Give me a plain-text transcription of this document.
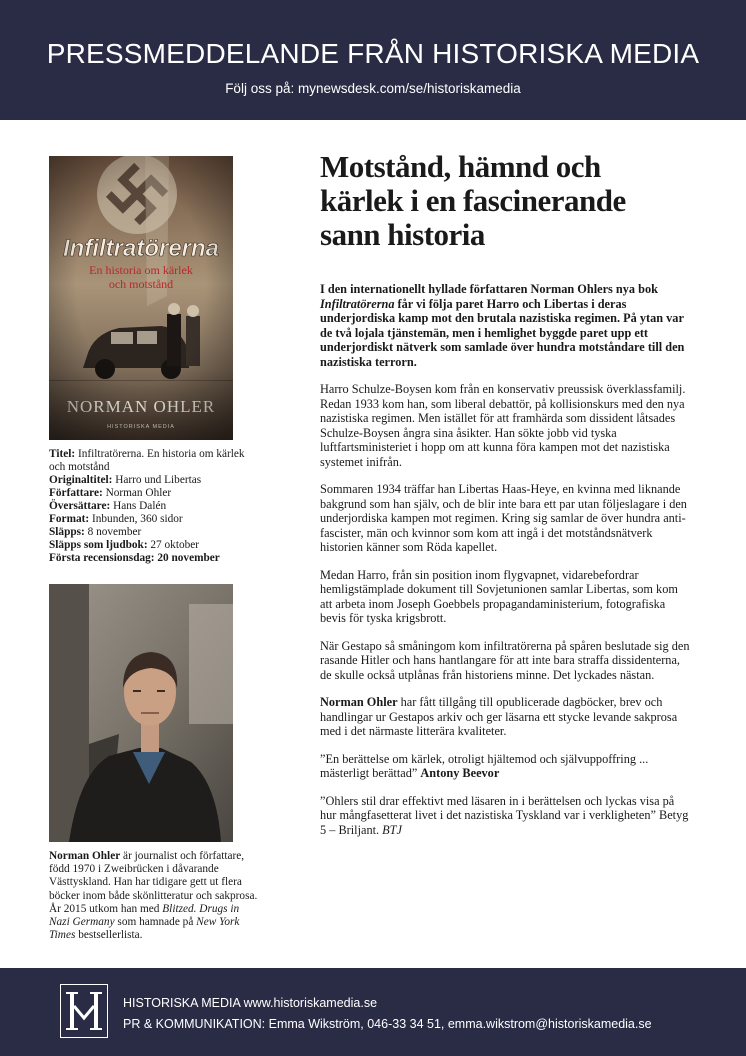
PRESSMEDDELANDE FRÅN HISTORISKA MEDIA
Följ oss på: mynewsdesk.com/se/historiskamedia
Titel: Infiltratörerna. En historia om kärlek och motstånd
Originaltitel: Harro und Libertas
Författare: Norman Ohler
Översättare: Hans Dalén
Format: Inbunden, 360 sidor
Släpps: 8 november
Släpps som ljudbok: 27 oktober
Första recensionsdag: 20 november
Norman Ohler är journalist och författare, född 1970 i Zweibrücken i dåvarande Västtyskland. Han har tidigare gett ut flera böcker inom både skönlitteratur och sakprosa. År 2015 utkom han med Blitzed. Drugs in Nazi Germany som hamnade på New York Times bestsellerlista.
Motstånd, hämnd och kärlek i en fascinerande sann historia

I den internationellt hyllade författaren Norman Ohlers nya bok Infiltratörerna får vi följa paret Harro och Libertas i deras underjordiska kamp mot den brutala nazistiska regimen. På ytan var de två lojala tjänstemän, men i hemlighet byggde paret upp ett underjordiskt nätverk som samlade över hundra motståndare till den nazistiska terrorn.

Harro Schulze-Boysen kom från en konservativ preussisk överklassfamilj. Redan 1933 kom han, som liberal debattör, på kollisionskurs med den nya nazistiska regimen. Men istället för att framhärda som dissident låtsades Schulze-Boysen ångra sina åsikter. Han sökte jobb vid tyska luftfartsministeriet i hopp om att kunna föra kampen mot det nazistiska systemet inifrån.

Sommaren 1934 träffar han Libertas Haas-Heye, en kvinna med liknande bakgrund som han själv, och de blir inte bara ett par utan följeslagare i den underjordiska kampen mot regimen. Kring sig samlar de över hundra anti-fascister, män och kvinnor som kom att ingå i det motståndsnätverk historien känner som Röda kapellet.

Medan Harro, från sin position inom flygvapnet, vidarebefordrar hemligstämplade dokument till Sovjetunionen samlar Libertas, som kom att arbeta inom Joseph Goebbels propagandaministerium, fotografiska bevis för tyska krigsbrott.

När Gestapo så småningom kom infiltratörerna på spåren beslutade sig den rasande Hitler och hans hantlangare för att inte bara straffa dissidenterna, de skulle också utplånas från historiens minne. Det lyckades nästan.

Norman Ohler har fått tillgång till opublicerade dagböcker, brev och handlingar ur Gestapos arkiv och ger läsarna ett stycke levande sakprosa med i det närmaste litterära kvaliteter.

”En berättelse om kärlek, otroligt hjältemod och självuppoffring ... mästerligt berättad” Antony Beevor

”Ohlers stil drar effektivt med läsaren in i berättelsen och lyckas visa på hur mångfasetterat livet i det nazistiska Tyskland var i verkligheten” Betyg 5 – Briljant. BTJ

HISTORISKA MEDIA www.historiskamedia.se
PR & KOMMUNIKATION: Emma Wikström, 046-33 34 51, emma.wikstrom@historiskamedia.se
